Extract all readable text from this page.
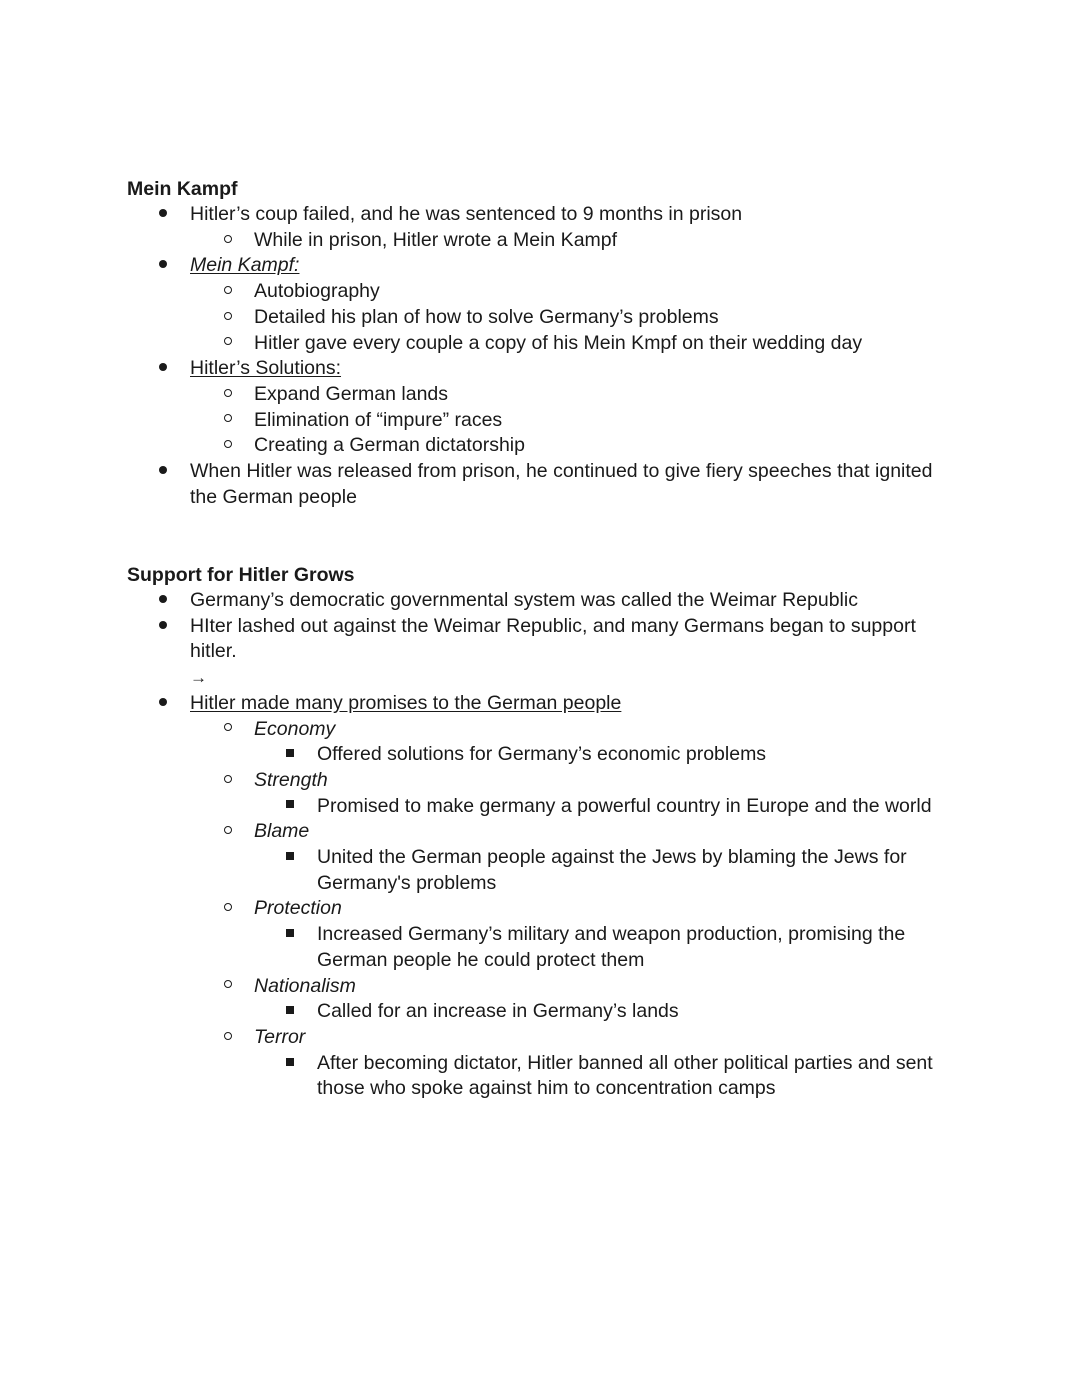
Mein Kampf
Hitler’s coup failed, and he was sentenced to 9 months in prison
While in prison, Hitler wrote a Mein Kampf
Mein Kampf:
Autobiography
Detailed his plan of how to solve Germany’s problems
Hitler gave every couple a copy of his Mein Kmpf on their wedding day
Hitler’s Solutions:
Expand German lands
Elimination of “impure” races
Creating a German dictatorship
When Hitler was released from prison, he continued to give fiery speeches that ignited the German people
Support for Hitler Grows
Germany’s democratic governmental system was called the Weimar Republic
HIter lashed out against the Weimar Republic, and many Germans began to support hitler.
→
Hitler made many promises to the German people
Economy
Offered solutions for Germany’s economic problems
Strength
Promised to make germany a powerful country in Europe and the world
Blame
United the German people against the Jews by blaming the Jews for Germany's problems
Protection
Increased Germany’s military and weapon production, promising the German people he could protect them
Nationalism
Called for an increase in Germany’s lands
Terror
After becoming dictator, Hitler banned all other political parties and sent those who spoke against him to concentration camps
